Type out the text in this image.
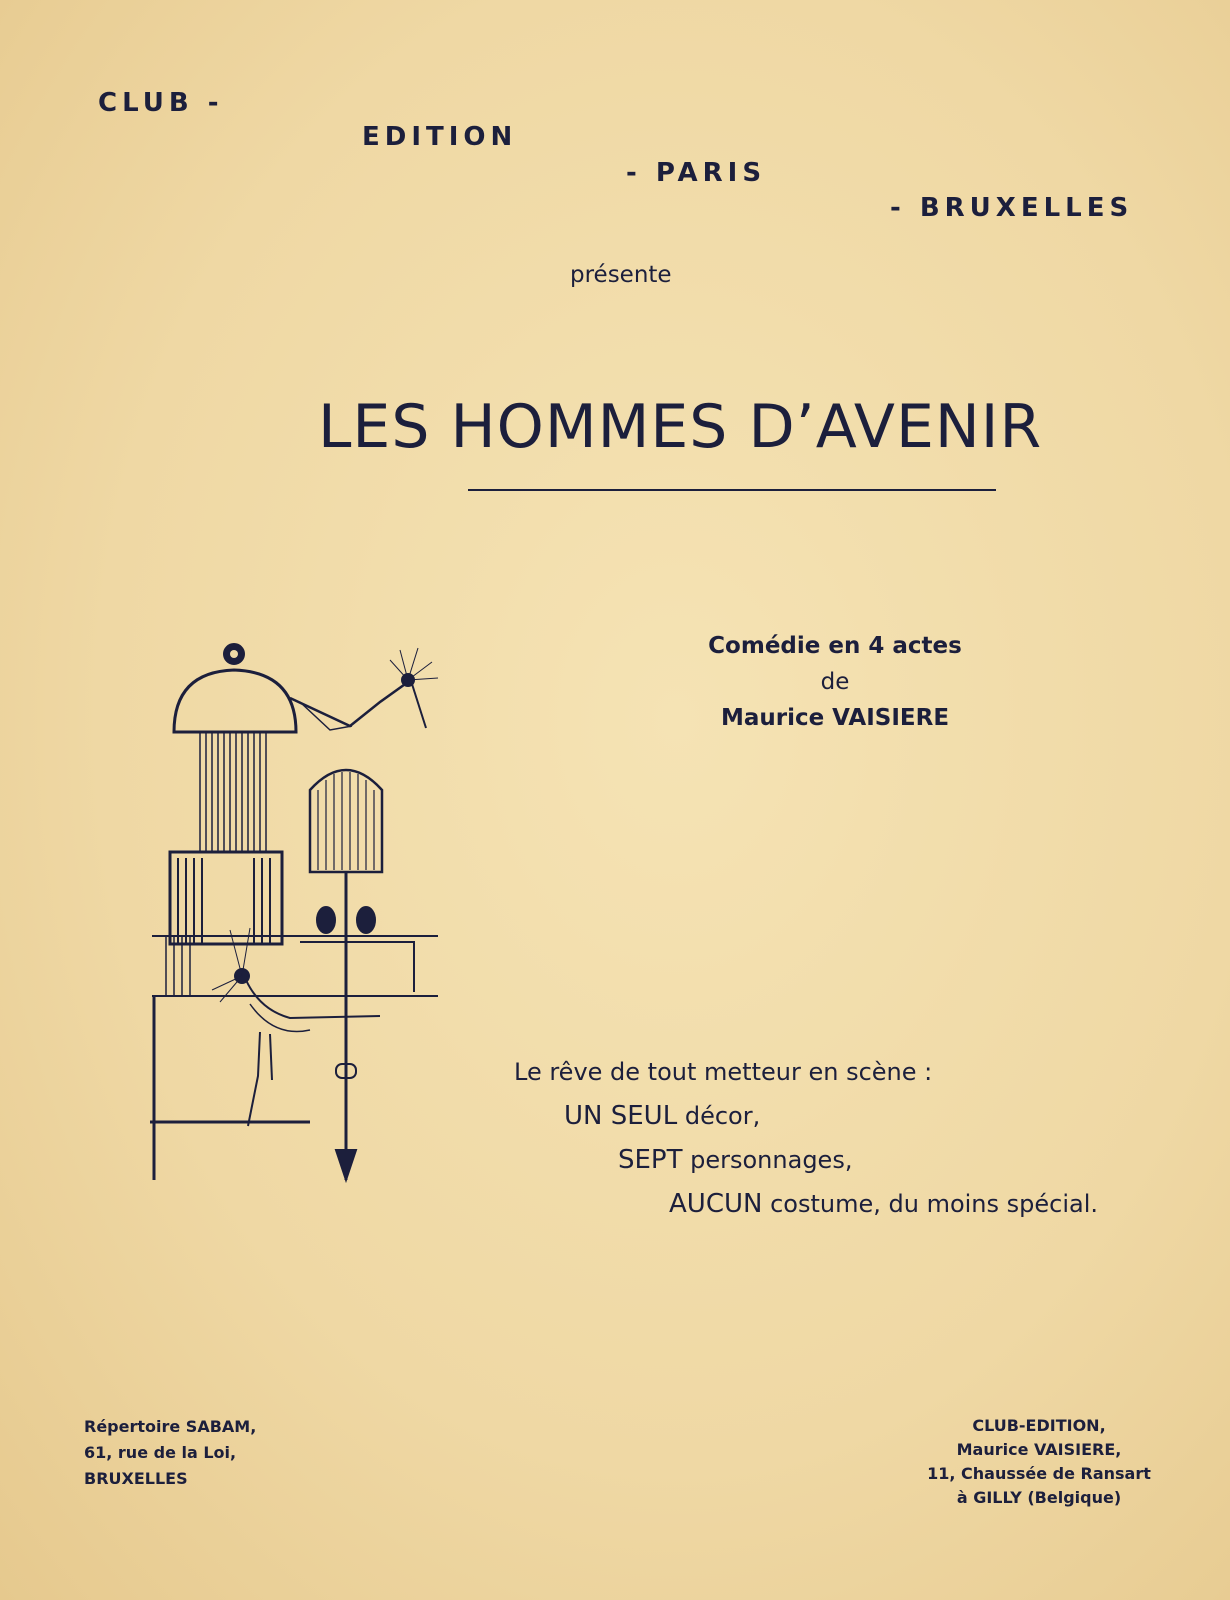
CLUB -
EDITION
- PARIS
- BRUXELLES
présente
LES HOMMES D’AVENIR
Comédie en 4 actes
de
Maurice VAISIERE
Le rêve de tout metteur en scène :
UN SEUL décor,
SEPT personnages,
AUCUN costume, du moins spécial.
Répertoire SABAM,
61, rue de la Loi,
BRUXELLES
CLUB-EDITION,
Maurice VAISIERE,
11, Chaussée de Ransart
à GILLY (Belgique)
